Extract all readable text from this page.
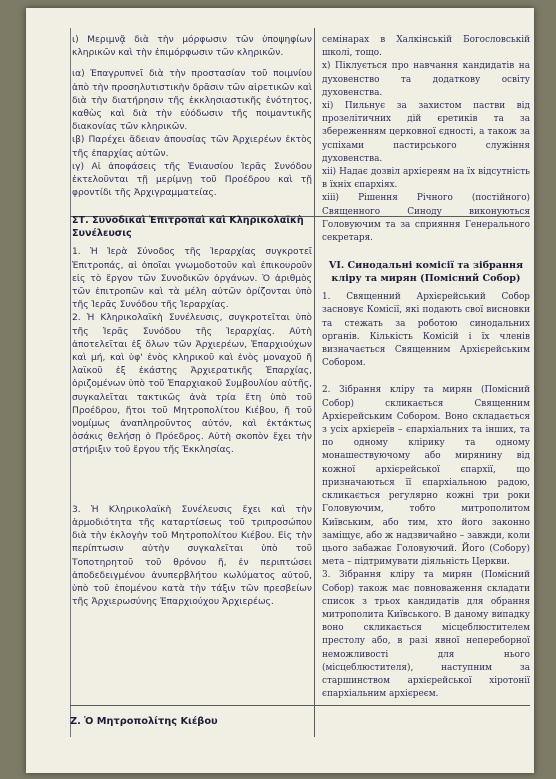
ι) Μεριμνᾷ διὰ τὴν μόρφωσιν τῶν ὑποψηφίων κληρικῶν καὶ τὴν ἐπιμόρφωσιν τῶν κληρικῶν.

ια) Ἐπαγρυπνεῖ διὰ τὴν προστασίαν τοῦ ποιμνίου ἀπὸ τὴν προσηλυτιστικὴν δρᾶσιν τῶν αἱρετικῶν καὶ διὰ τὴν διατήρησιν τῆς ἐκκλησιαστικῆς ἑνότητος, καθὼς καὶ διὰ τὴν εὐόδωσιν τῆς ποιμαντικῆς διακονίας τῶν κληρικῶν.

ιβ) Παρέχει ἄδειαν ἀπουσίας τῶν Ἀρχιερέων ἐκτὸς τῆς ἐπαρχίας αὐτῶν.

ιγ) Αἱ ἀποφάσεις τῆς Ἐνιαυσίου Ἱερᾶς Συνόδου ἐκτελοῦνται τῇ μερίμνῃ τοῦ Προέδρου καὶ τῇ φροντίδι τῆς Ἀρχιγραμματείας.

ΣΤ. Συνοδικαὶ Ἐπιτροπαὶ καὶ Κληρικολαϊκὴ Συνέλευσις

1. Ἡ Ἱερὰ Σύνοδος τῆς Ἱεραρχίας συγκροτεῖ Ἐπιτροπάς, αἱ ὁποῖαι γνωμοδοτοῦν καὶ ἐπικουροῦν εἰς τὸ ἔργον τῶν Συνοδικῶν ὀργάνων. Ὁ ἀριθμὸς τῶν ἐπιτροπῶν καὶ τὰ μέλη αὐτῶν ὁρίζονται ὑπὸ τῆς Ἱερᾶς Συνόδου τῆς Ἱεραρχίας.

2. Ἡ Κληρικολαϊκὴ Συνέλευσις, συγκροτεῖται ὑπὸ τῆς Ἱερᾶς Συνόδου τῆς Ἱεραρχίας. Αὐτὴ ἀποτελεῖται ἐξ ὅλων τῶν Ἀρχιερέων, Ἐπαρχιούχων καὶ μή, καὶ ὑφ' ἑνὸς κληρικοῦ καὶ ἑνὸς μοναχοῦ ἤ λαϊκοῦ ἐξ ἑκάστης Ἀρχιερατικῆς Ἐπαρχίας, ὁριζομένων ὑπὸ τοῦ Ἐπαρχιακοῦ Συμβουλίου αὐτῆς, συγκαλεῖται τακτικῶς ἀνὰ τρία ἔτη ὑπὸ τοῦ Προέδρου, ἤτοι τοῦ Μητροπολίτου Κιέβου, ἤ τοῦ νομίμως ἀναπληροῦντος αὐτόν, καὶ ἐκτάκτως ὁσάκις θελήσῃ ὁ Πρόεδρος. Αὐτὴ σκοπὸν ἔχει τὴν στήριξιν τοῦ ἔργου τῆς Ἐκκλησίας.

3. Ἡ Κληρικολαϊκὴ Συνέλευσις ἔχει καὶ τὴν ἁρμοδιότητα τῆς καταρτίσεως τοῦ τριπροσώπου διὰ τὴν ἐκλογὴν τοῦ Μητροπολίτου Κιέβου. Εἰς τὴν περίπτωσιν αὐτὴν συγκαλεῖται ὑπὸ τοῦ Τοποτηρητοῦ τοῦ θρόνου ἤ, ἐν περιπτώσει ἀποδεδειγμένου ἀνυπερβλήτου κωλύματος αὐτοῦ, ὑπὸ τοῦ ἑπομένου κατὰ τὴν τάξιν τῶν πρεσβείων τῆς Ἀρχιερωσύνης Ἐπαρχιούχου Ἀρχιερέως.

семінарах в Халкінській Богословській школі, тощо.

х) Піклується про навчання кандидатів на духовенство та додаткову освіту духовенства.

хі) Пильнує за захистом пастви від прозелітичних дій єретиків та за збереженням церковної єдності, а також за успіхами пастирського служіння духовенства.

хіі) Надає дозвіл архієреям на їх відсутність в їхніх єпархіях.

хііі) Рішення Річного (постійного) Священного Синоду виконуються Головуючим та за сприяння Генерального секретаря.

VI. Синодальні комісії та зібрання кліру та мирян (Помісний Собор)

1. Священний Архієрейський Собор засновує Комісії, які подають свої висновки та стежать за роботою синодальних органів. Кількість Комісій і їх членів визначається Священним Архієрейським Собором.

2. Зібрання кліру та мирян (Помісний Собор) скликається Священним Архієрейським Собором. Воно складається з усіх архієреїв – єпархіальних та інших, та по одному клірику та одному монашествуючому або мирянину від кожної архієрейської єпархії, що призначаються її єпархіальною радою, скликається регулярно кожні три роки Головуючим, тобто митрополитом Київським, або тим, хто його законно заміщує, або ж надзвичайно – завжди, коли цього забажає Головуючий. Його (Собору) мета – підтримувати діяльність Церкви.

3. Зібрання кліру та мирян (Помісний Собор) також має повноваження складати список з трьох кандидатів для обрання митрополита Київського. В даному випадку воно скликається місцеблюстителем престолу або, в разі явної непереборної неможливості для нього (місцеблюстителя), наступним за старшинством архієрейської хіротонії єпархіальним архієреєм.

Ζ. Ὁ Μητροπολίτης Κιέβου
